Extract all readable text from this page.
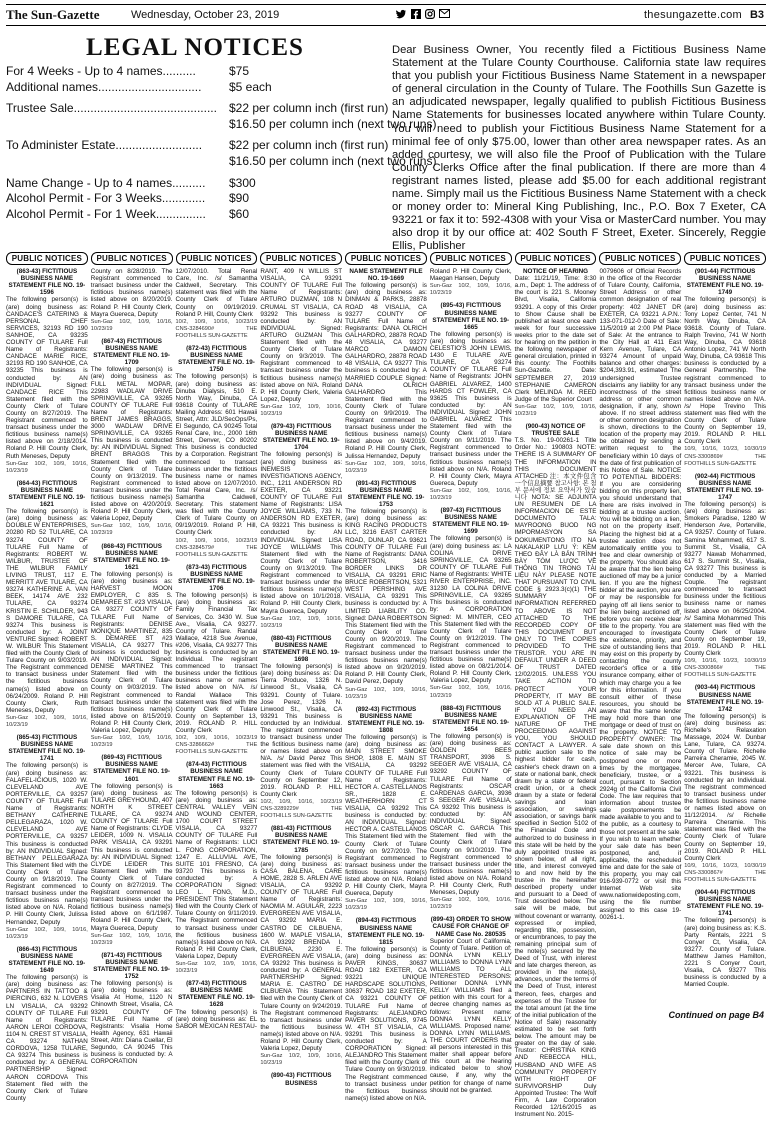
The Sun-Gazette	Wednesday, October 23, 2019	thesungazette.com B3
LEGAL NOTICES
For 4 Weeks - Up to 4 names..........	$75
Additional names...............................	$5 each
Trustee Sale...........................................	$22 per column inch (first run)
$16.50 per column inch (next two runs)
To Administer Estate..........................	$22 per column inch (first run)
$16.50 per column inch (next two runs)
Name Change - Up to 4 names..........	$300
Alcohol Permit - For 3 Weeks.............	$90
Alcohol Permit - For 1 Week...............	$60
Dear Business Owner, You recently filed a Fictitious Business Name Statement at the Tulare County Courthouse. California state law requires that you publish your Fictitious Business Name Statement in a newspaper of general circulation in the County of Tulare. The Foothills Sun Gazette is an adjudicated newspaper, legally qualified to publish Fictitious Business Name Statements for businesses located anywhere within Tulare County. You will need to publish your Fictitious Business Name Statement for a minimal fee of only $75.00, lower than other area newspaper rates. As an added courtesy, we will also file the Proof of Publication with the Tulare County Clerks Office after the final publication. If there are more than 4 registrant names listed, please add $5.00 for each additional registrant name. Simply mail us the Fictitious Business Name Statement with a check or money order to: Mineral King Publishing, Inc., P.O. Box 7 Exeter, CA 93221 or fax it to: 592-4308 with your Visa or MasterCard number. You may also drop it by our office at: 402 South F Street, Exeter. Sincerely, Reggie Ellis, Publisher
PUBLIC NOTICES
(863-43) FICTITIOUS BUSINESS NAME STATEMENT FILE NO. 19-1596
The following person(s) is (are) doing business as: CANDACE'S CATERING & PERSONAL CHEF SERVICES, 32193 RD 190 SANHOE, CA 93235 COUNTY OF TULARE Full Name of Registrants: CANDACE MARIE RICE, 32193 RD 190 SANHOE, CA 93235 This business is conducted by: AN INDIVIDUAL Signed: CANDACE RICE This Statement filed with the County Clerk of Tulare County on 8/27/2019. The Registrant commenced to transact business under the fictitious business name(s) listed above on 2/18/2014. Roland P. Hill County Clerk, Ruth Meneses, Deputy
Sun-Gaz 10/2, 10/9, 10/16, 10/23/19
(864-43) FICTITIOUS BUSINESS NAME STATEMENT FILE NO. 19-1621
The following person(s) is (are) doing business as: DOUBLE W ENTERPRISES, 20280 RD 52 TULARE, CA 93274 COUNTY OF TULARE Full Name of Registrants: ROBERT W. WILBUR, TRUSTEE OF THE WILBUR FAMILY LIVING TRUST, 117 E. MERRITT AVE TULARE, CA 93274 KATHERINE A. VAN BEEK, 14174 AVE 232 TULARE, CA 93274 KRISTIN E. SCHILDER, 943 S DAMORE TULARE, CA 93274 This business is conducted by: A JOINT VENTURE Signed: ROBERT W. WILBUR This Statement filed with the County Clerk of Tulare County on 9/03/2019. The Registrant commenced to transact business under the fictitious business name(s) listed above on 06/24/2009. Roland P. Hill County Clerk, Ruth Meneses, Deputy
Sun-Gaz 10/2, 10/9, 10/16, 10/23/19
(865-43) FICTITIOUS BUSINESS NAME STATEMENT FILE NO. 19-1741
The following person(s) is (are) doing business as: FALAFEL-ICIOUS, 1020 W. CLEVELAND AVE PORTERVILLE, CA 93257 COUNTY OF TULARE Full Name of Registrants: BETHANY CATHERINE PELLEGARAZA, 1020 W. CLEVELAND AVE PORTERVILLE, CA 93257 This business is conducted by: AN INDIVIDUAL Signed: BETHANY PELLEGARAZA This Statement filed with the County Clerk of Tulare County on 9/18/2019. The Registrant commenced to transact business under the fictitious business name(s) listed above on N/A. Roland P. Hill County Clerk, Julissa Hernandez, Deputy
Sun-Gaz 10/2, 10/9, 10/16, 10/23/19
(866-43) FICTITIOUS BUSINESS NAME STATEMENT FILE NO. 19-1649
The following person(s) is (are) doing business as: PARTNERS IN TATTOO & PIERCING, 632 N. LOVERS LN VISALIA, CA 93292 COUNTY OF TULARE Full Name of Registrants: AARON LEROI CORDOVA, 1104 N. CREST ST VISALIA, CA 93274 NATHAN CORDOVA, 1258 TULARE, CA 93274 This business is conducted by: A GENERAL PARTNERSHIP Signed: AARON CORDOVA This Statement filed with the County Clerk of Tulare County
PUBLIC NOTICES
County on 8/28/2019. The Registrant commenced to transact business under the fictitious business name(s) listed above on 8/20/2019. Roland P. Hill County Clerk, Mayra Guereca, Deputy
Sun-Gaz 10/2, 10/9, 10/16, 10/23/19
(867-43) FICTITIOUS BUSINESS NAME STATEMENT FILE NO. 19-1709
The following person(s) is (are) doing business as: FULL METAL MOPAR, 22983 WADLAW DRIVE SPRINGVILLE, CA 93265 COUNTY OF TULARE Full Name of Registrants: BRENT JAMES BRAGGS, 3000 WADLAW DRIVE SPRINGVILLE, CA 93265 This business is conducted by: AN INDIVIDUAL Signed: BRENT BRAGGS This Statement filed with the County Clerk of Tulare County on 9/13/2019. The Registrant commenced to transact business under the fictitious business name(s) listed above on 4/20/2019. Roland P. Hill County Clerk, Valeria Lopez, Deputy
Sun-Gaz 10/2, 10/9, 10/16, 10/23/19
(868-43) FICTITIOUS BUSINESS NAME STATEMENT FILE NO. 19-1621
The following person(s) is (are) doing business as: HARVEST MOON EMPLOYER, C 835 S. DEMAREE ST. #23 VISALIA, CA 93277 COUNTY OF TULARE Full Name of Registrants: DENISE MONIQUE MARTINEZ, 835 S. DEMAREE ST #23 VISALIA, CA 93277 This business is conducted by: AN INDIVIDUAL Signed: DENISE MARTINEZ This Statement filed with the County Clerk of Tulare County on 9/03/2019. The Registrant commenced to transact business under the fictitious business name(s) listed above on 8/15/2019. Roland P. Hill County Clerk, Valeria Lopez, Deputy
Sun-Gaz 10/2, 10/9, 10/16, 10/23/19
(869-43) FICTITIOUS BUSINESS NAME STATEMENT FILE NO. 19-1601
The following person(s) is (are) doing business as: TULARE GREYHOUND, 407 NORTH K STREET TULARE, CA 93274 COUNTY OF TULARE Full Name of Registrants: CLYDE LEIDER, 1009 N. VISALIA PARK VISALIA, CA 93291 This business is conducted by: AN INDIVIDUAL Signed: CLYDE LEIDER This Statement filed with the County Clerk of Tulare County on 8/27/2019. The Registrant commenced to transact business under the fictitious business name(s) listed above on 6/1/1987. Roland P. Hill County Clerk, Mayra Guereca, Deputy
Sun-Gaz 10/2, 10/9, 10/16, 10/23/19
(871-43) FICTITIOUS BUSINESS NAME STATEMENT FILE NO. 19-1752
The following person(s) is (are) doing business as: Visalia At Home, 1120 N Chinowth Street, Visalia, CA 93291 COUNTY OF TULARE Full Name of Registrants: Visalia Home Health Agency, 631 Hawaii Street, Attn: Diana Cuellar, El Segundo, CA 90245 This business is conducted by: A CORPORATION
PUBLIC NOTICES
12/07/2010. Total Renal Care, Inc. /s/ Samantha Caldwell, Secretary. This statement was filed with the County Clerk of Tulare County on 09/19/2019. Roland P. Hill, County Clerk
10/2, 10/9, 10/16, 10/23/19 CNS-3284690# THE FOOTHILLS SUN-GAZETTE
(872-43) FICTITIOUS BUSINESS NAME STATEMENT FILE NO. 19-1750
The following person(s) is (are) doing business as: Dinuba Dialysis, 510 E. North Way, Dinuba, CA 93618 County of TULARE Mailing Address: 601 Hawaii Street, Attn: JLD/SecOps/Ps, El Segundo, CA 90245 Total Renal Care, Inc., 2000 16th Street, Denver, CO 80202 This business is conducted by a Corporation. Registrant commenced to transact business under the fictitious business name or names listed above on 12/07/2010. Total Renal Care, Inc. /s/ Samantha Caldwell, Secretary. This statement was filed with the County Clerk of Tulare County on 09/19/2019. Roland P. Hill, County Clerk
10/2, 10/9, 10/16, 10/23/19 CNS-3284579# THE FOOTHILLS SUN-GAZETTE
(873-43) FICTITIOUS BUSINESS NAME STATEMENT FILE NO. 19-1706
The following person(s) is (are) doing business as: Family Financial Tax Services, Co. 3430 W. Sue Ave., Visalia, CA 93277. County of Tulare. Randal Wallace, 4218 Sue Avenue, #206, Visalia, CA 93277 This business is conducted by an Individual. The registrant commenced to transact business under the fictitious business name or names listed above on N/A. /s/ Randal Wallace This statement was filed with the County Clerk of Tulare County on September 13, 2019. ROLAND P. HILL County Clerk
10/2, 10/9, 10/16, 10/23/19 CNS-3286662# THE FOOTHILLS SUN-GAZETTE
(874-43) FICTITIOUS BUSINESS NAME STATEMENT FILE NO. 19-1663
The following person(s) is (are) doing business as: CENTRAL VALLEY VEIN AND WOUND CENTER, 1700 COURT STREET VISALIA, CA 93277 COUNTY OF TULARE Full Name of Registrants: LUCI L. FONG CORPORATION, 1247 E. ALLUVIAL AVE, SUITE 101 FRESNO, CA 93720 This business is conducted by: A CORPORATION Signed: LEO L. FONG, M.D., PRESIDENT This Statement filed with the County Clerk of Tulare County on 9/11/2019. The Registrant commenced to transact business under the fictitious business name(s) listed above on N/A. Roland P. Hill County Clerk, Valeria Lopez, Deputy
Sun-Gaz 10/2, 10/9, 10/16, 10/23/19
(877-43) FICTITIOUS BUSINESS NAME STATEMENT FILE NO. 19-1628
The following person(s) is (are) doing business as: EL SABOR MEXICAN RESTAU-
PUBLIC NOTICES
RANT, 409 N WILLIS ST VISALIA, CA 93291 COUNTY OF TULARE Full Name of Registrants: ARTURO DUZMAN, 108 N CRUMAL ST VISALIA, CA 93292 This business is conducted by: AN INDIVIDUAL Signed: ARTURO GUZMAN This Statement filed with the County Clerk of Tulare County on 9/3/2019. The Registrant commenced to transact business under the fictitious business name(s) listed above on N/A. Roland P. Hill County Clerk, Valeria Lopez, Deputy
Sun-Gaz 10/2, 10/9, 10/16, 10/23/19
(879-43) FICTITIOUS BUSINESS NAME STATEMENT FILE NO. 19-1704
The following person(s) is (are) doing business as: INEMESIS INVESTIGATIONS AGENCY, INC., 1211 ANDERSON RD EXETER, CA 93221 COUNTY OF TULARE Full Name of Registrants: LISA JOYCE WILLIAMS, 733 N. ANDERSON RD EXETER, CA 93221 This business is conducted by: AN INDIVIDUAL Signed: LISA JOYCE WILLIAMS This Statement filed with the County Clerk of Tulare County on 9/13/2019. The Registrant commenced to transact business under the fictitious business name(s) listed above on 10/1/2018. Roland P. Hill County Clerk, Mayra Guereca, Deputy
Sun-Gaz 10/2, 10/9, 10/16, 10/23/19
(880-43) FICTITIOUS BUSINESS NAME STATEMENT FILE NO. 19-1698
The following person(s) is (are) doing business as: Da Tierra Produce, 1326 N. Linwood St., Visalia, CA 93291. County of Tulare. Jose Perez, 1326 N. Linwood St., Visalia, CA 93291 This business is conducted by an Individual. The registrant commenced to transact business under the fictitious business name or names listed above on N/A. /s/ David Perez This statement was filed with the County Clerk of Tulare County on September 12, 2019. ROLAND P. HILL County Clerk
10/2, 10/9, 10/16, 10/23/19 CNS-3289229# THE FOOTHILLS SUN-GAZETTE
(881-43) FICTITIOUS BUSINESS NAME STATEMENT FILE NO. 19-1785
The following person(s) is (are) doing business as: CASA BALENA, CARE HOME, 2828 S. ARLEN AVE VISALIA, CA 93292 COUNTY OF TULARE Full Name of Registrants: NAOMIA M. AGUILAR, 2223 EVERGREEN AVE VISALIA, CA 93292 MARIA E. CASTRO DE CILBUENA, 1600 W. MAPLE VISALIA, CA 93292 BRENDA I. CILBUENA, 2230 E. EVERGREEN AVE VISALIA, CA 93292 This business is conducted by: A GENERAL PARTNERSHIP Signed: MARIA E. CASTRO DE CILBUENA This Statement filed with the County Clerk of Tulare County on 9/24/2019. The Registrant commenced to transact business under the fictitious business name(s) listed above on N/A. Roland P. Hill County Clerk, Valeria Lopez, Deputy
Sun-Gaz 10/2, 10/9, 10/16, 10/23/19
(890-43) FICTITIOUS BUSINESS
PUBLIC NOTICES
NAME STATEMENT FILE NO. 19-1669
The following person(s) is (are) doing business as: DINMAN & PARKS, 28878 ROAD 48 VISALIA, CA 93277 COUNTY OF TULARE Full Name of Registrants: DANA OLRICH GALHARDRO, 28878 ROAD 48 VISALIA, CA 93277 MARCO DAMON GALHARDRO, 28878 ROAD 48 VISALIA, CA 93277 This business is conducted by: A MARRIED COUPLE Signed: DANA OLRICH GALHARDRO This Statement filed with the County Clerk of Tulare County on 9/9/2019. The Registrant commenced to transact business under the fictitious business name(s) listed above on 9/4/2019. Roland P. Hill County Clerk, Julissa Hernandez, Deputy
Sun-Gaz 10/2, 10/9, 10/16, 10/23/19
(891-43) FICTITIOUS BUSINESS NAME STATEMENT FILE NO. 19-1753
The following person(s) is (are) doing business as: KING RACING PRODUCTS LLC, 3216 EAST CARTER ROAD, DUNLAP, CA 93621 COUNTY OF TULARE Full Name of Registrants: DANA ROBERTSON, 3416 BORDER LINKS DR VISALIA, CA 93291 ERIC BRUCE ROBERTSON, 5321 WEST PERSHING AVE VISALIA, CA 93291 This business is conducted by: A LIMITED LIABILITY CO. Signed: DANA ROBERTSON This Statement filed with the County Clerk of Tulare County on 9/20/2019. The Registrant commenced to transact business under the fictitious business name(s) listed above on 9/20/2019. Roland P. Hill County Clerk, David Perez, Deputy
Sun-Gaz 10/2, 10/9, 10/16, 10/23/19
(892-43) FICTITIOUS BUSINESS NAME STATEMENT FILE NO. 19-1808
The following person(s) is (are) doing business as: MAIN STREET SMOKE SHOP, 1808 E. MAIN ST VISALIA, CA 93292 COUNTY OF TULARE Full Name of Registrants: HECTOR A. CASTELLANOS SR., 1828 E. WEATHERHORN CT VISALIA, CA 93292 This business is conducted by: AN INDIVIDUAL Signed: HECTOR A. CASTELLANOS This Statement filed with the County Clerk of Tulare County on 9/27/2019. The Registrant commenced to transact business under the fictitious business name(s) listed above on N/A. Roland P. Hill County Clerk, Mayra Guereca, Deputy
Sun-Gaz 10/2, 10/9, 10/16, 10/23/19
(894-43) FICTITIOUS BUSINESS NAME STATEMENT FILE NO. 19-1815
The following person(s) is (are) doing business as: PAVER KINGS, 30637 ROAD 182 EXETER, CA 93221 UNIQUE HARDSCAPE SOLUTIONS, 30637 ROAD 182 EXETER, CA 93221 COUNTY OF TULARE Full Name of Registrants: ALEJANDRO PAVER SOLUTIONS, 9745 W. 4TH ST VISALIA, CA 93291 This business is conducted by: A CORPORATION Signed: ALEJANDRO This Statement filed with the County Clerk of Tulare County on 9/30/2019. The Registrant commenced to transact business under the fictitious business name(s) listed above on N/A.
PUBLIC NOTICES
Roland P. Hill County Clerk, Maegan Hansen, Deputy
Sun-Gaz 10/2, 10/9, 10/16, 10/23/19
(895-43) FICTITIOUS BUSINESS NAME STATEMENT FILE NO. 19-1665
The following person(s) is (are) doing business as: CELESTIO'S JOHN LEWIS, 1430 E TULARE AVE TULARE, CA 93274 COUNTY OF TULARE Full Name of Registrants: JOHN GABRIEL ALVAREZ, 1400 HARDS CT FOWLER, CA 93625 This business is conducted by: AN INDIVIDUAL Signed: JOHN GABRIEL ALVAREZ This Statement filed with the County Clerk of Tulare County on 9/11/2019. The Registrant commenced to transact business under the fictitious business name(s) listed above on N/A. Roland P. Hill County Clerk, Mayra Guereca, Deputy
Sun-Gaz 10/2, 10/9, 10/16, 10/23/19
(897-43) FICTITIOUS BUSINESS NAME STATEMENT FILE NO. 19-1699
The following person(s) is (are) doing business as: LA COLINA DRIVE SPRINGVILLE, CA 93265 COUNTY OF TULARE Full Name of Registrants: WHITE RIVER ENTERPRISE, INC. 31230 LA COLINA DRIVE SPRINGVILLE, CA 93265 This business is conducted by: A CORPORATION Signed: M. MINTER, CEO This Statement filed with the County Clerk of Tulare County on 9/12/2019. The Registrant commenced to transact business under the fictitious business name(s) listed above on 08/21/2014. Roland P. Hill County Clerk, Valeria Lopez, Deputy
Sun-Gaz 10/2, 10/9, 10/16, 10/23/19
(888-43) FICTITIOUS BUSINESS NAME STATEMENT FILE NO. 19-1654
The following person(s) is (are) doing business as: GOLDEN BEES TRANSPORT, 3936 S. SEEGER AVE VISALIA, CA 93292 COUNTY OF TULARE Full Name of Registrants: OSCAR CARDENAS GARCIA, 3936 S SEEGER AVE VISALIA, CA 93292 This business is conducted by: AN INDIVIDUAL Signed: OSCAR C. GARCIA This Statement filed with the County Clerk of Tulare County on 9/10/2019. The Registrant commenced to transact business under the fictitious business name(s) listed above on N/A. Roland P. Hill County Clerk, Ruth Meneses, Deputy
Sun-Gaz 10/2, 10/9, 10/16, 10/23/19
(899-43) ORDER TO SHOW CAUSE FOR CHANGE OF NAME Case No. 280535
Superior Court of California, County of Tulare. Petition of: DONNA LYNN KELLY WILLIAMS to DONNA LYNN WILLIAMS TO ALL INTERESTED PERSONS: Petitioner DONNA LYNN KELLY WILLIAMS filed a petition with this court for a decree changing names as follows: Present name: DONNA LYNN KELLY WILLIAMS. Proposed name: DONNA LYNN WILLIAMS. THE COURT ORDERS that all persons interested in this matter shall appear before this court at the hearing indicated below to show cause, if any, why the petition for change of name should not be granted.
PUBLIC NOTICES
NOTICE OF HEARING
Date: 11/21/19, Time: 8:30 a.m., Dept: 1. The address of the court is 221 S. Mooney Blvd, Visalia, California 93291. A copy of this Order to Show Cause shall be published at least once each week for four successive weeks prior to the date set for hearing on the petition in the following newspaper of general circulation, printed in this county: The Foothills Sun-Gazette. Date: SEPTEMBER 27, 2019 STEPHANIE CAMERON Clerk MELINDA M. REED Judge of the Superior Court
Sun-Gaz 10/2, 10/9, 10/16, 10/23/19
(900-43) NOTICE OF TRUSTEE SALE
T.S. No. 19-00261-1 Title Order No.: 190803 NOTE: THERE IS A SUMMARY OF THE INFORMATION IN THIS DOCUMENT ATTACHED 注：本文件包含一个信息摘要 참고사항: 본 첨부 문서에 정보 요약서가 있습니다 NOTA: SE ADJUNTA UN RESUMEN DE LA INFORMACION DE ESTE DOCUMENTO TALA: MAYROONG BUOD NG IMPORMASYON SA DOKUMENTONG ITO NA NAKALAKIP LƯU Ý: KÈM THEO ĐÂY LÀ BẢN TRÌNH BÀY TÓM LƯỢC VỀ THÔNG TIN TRONG TÀI LIỆU NÀY PLEASE NOTE THAT PURSUANT TO CIVIL CODE § 2923.3(c)(1) THE SUMMARY OF INFORMATION REFERRED TO ABOVE IS NOT ATTACHED TO THE RECORDED COPY OF THIS DOCUMENT BUT ONLY TO THE COPIES PROVIDED TO THE TRUSTOR. YOU ARE IN DEFAULT UNDER A DEED OF TRUST DATED 12/02/2015. UNLESS YOU TAKE ACTION TO PROTECT YOUR PROPERTY, IT MAY BE SOLD AT A PUBLIC SALE. IF YOU NEED AN EXPLANATION OF THE NATURE OF THE PROCEEDING AGAINST YOU, YOU SHOULD CONTACT A LAWYER. A public auction sale to the highest bidder for cash, cashier's check drawn on a state or national bank, check drawn by a state or federal credit union, or a check drawn by a state or federal savings and loan association, or savings association, or savings bank specified in Section 5102 of the Financial Code and authorized to do business in this state will be held by the duly appointed trustee as shown below, of all right, title, and interest conveyed to and now held by the trustee in the hereinafter described property under and pursuant to a Deed of Trust described below. The sale will be made, but without covenant or warranty, expressed or implied, regarding title, possession, or encumbrances, to pay the remaining principal sum of the note(s) secured by the Deed of Trust, with interest and late charges thereon, as provided in the note(s), advances, under the terms of the Deed of Trust, interest thereon, fees, charges and expenses of the Trustee for the total amount (at the time of the initial publication of the Notice of Sale) reasonably estimated to be set forth below. The amount may be greater on the day of sale. Trustor: CHRISTINA KING AND REBECCA HILL, HUSBAND AND WIFE AS COMMUNITY PROPERTY WITH RIGHT OF SURVIVORSHIP Duly Appointed Trustee: The Wolf Firm, A Law Corporation Recorded 12/16/2015 as Instrument No. 2015-
PUBLIC NOTICES
0079606 of Official Records in the office of the Recorder of Tulare County, California, Street Address or other common designation of real property: 402 JANET DR EXETER, CA 93221 A.P.N.: 133-071-012-0 Date of Sale: 11/5/2019 at 2:00 PM Place of Sale: At the entrance to the City Hall at 411 East Kern Avenue, Tulare, CA 93274 Amount of unpaid balance and other charges: $204,393.91, estimated The undersigned Trustee disclaims any liability for any incorrectness of the street address or other common designation, if any, shown above. If no street address or other common designation is shown, directions to the location of the property may be obtained by sending a written request to the beneficiary within 10 days of the date of first publication of this Notice of Sale. NOTICE TO POTENTIAL BIDDERS: If you are considering bidding on this property lien, you should understand that there are risks involved in bidding at a trustee auction. You will be bidding on a lien, not on the property itself. Placing the highest bid at a trustee auction does not automatically entitle you to free and clear ownership of the property. You should also be aware that the lien being auctioned off may be a junior lien. If you are the highest bidder at the auction, you are or may be responsible for paying off all liens senior to the lien being auctioned off, before you can receive clear title to the property. You are encouraged to investigate the existence, priority, and size of outstanding liens that may exist on this property by contacting the county recorder's office or a title insurance company, either of which may charge you a fee for this information. If you consult either of these resources, you should be aware that the same lender may hold more than one mortgage or deed of trust on the property. NOTICE TO PROPERTY OWNER: The sale date shown on this notice of sale may be postponed one or more times by the mortgagee, beneficiary, trustee, or a court, pursuant to Section 2924g of the California Civil Code. The law requires that information about trustee sale postponements be made available to you and to the public, as a courtesy to those not present at the sale. If you wish to learn whether your sale date has been postponed, and, if applicable, the rescheduled time and date for the sale of this property, you may call 916-939-0772 or visit this Internet Web site www.nationwideposting.com, using the file number assigned to this case 19-00261-1.
PUBLIC NOTICES
(901-44) FICTITIOUS BUSINESS NAME STATEMENT FILE NO. 19-1749
The following person(s) is (are) doing business as: Tony Lopez Center, 741 N North Way, Dinuba, CA 93618. County of Tulare. Ralph Trevino, 741 W North Way, Dinuba, CA 93618 Antonio Lopez, 741 W North Way, Dinuba, CA 93618 This business is conducted by a General Partnership. The registrant commenced to transact business under the fictitious business name or names listed above on N/A. /s/ Hope Trevino This statement was filed with the County Clerk of Tulare County on September 19, 2019. ROLAND P. HILL County Clerk
10/9, 10/16, 10/23, 10/30/19 CNS-3300869# THE FOOTHILLS SUN-GAZETTE
(902-44) FICTITIOUS BUSINESS NAME STATEMENT FILE NO. 19-1747
The following person(s) is (are) doing business as: Smokers Paradise, 1280 W Henderson Ave, Porterville, CA 93257. County of Tulare. Samina Mohammed, 617 S. Summit St., Visalia, CA 93277 Nawab Mohammed, 617 S. Summit St., Visalia, CA 93277 This business is conducted by a Married Couple. The registrant commenced to transact business under the fictitious business name or names listed above on 06/25/2004. /s/ Samina Mohammed This statement was filed with the County Clerk of Tulare County on September 19, 2019. ROLAND P. HILL County Clerk
10/9, 10/16, 10/23, 10/30/19 CNS-3300866# THE FOOTHILLS SUN-GAZETTE
(903-44) FICTITIOUS BUSINESS NAME STATEMENT FILE NO. 19-1742
The following person(s) is (are) doing business as: Richelle's Relaxation Massage, 2024 W. Dunbar Lane, Tulare, CA 93274. County of Tulare. Richelle Parreira Cheramie, 2045 W. Mercer Ave, Tulare, CA 93221. This business is conducted by an Individual. The registrant commenced to transact business under the fictitious business name or names listed above on 11/12/2014. /s/ Richelle Parreira Cheramie. This statement was filed with the County Clerk of Tulare County on September 19, 2019. ROLAND P. HILL County Clerk
10/9, 10/16, 10/23, 10/30/19 CNS-3300867# THE FOOTHILLS SUN-GAZETTE
(904-44) FICTITIOUS BUSINESS NAME STATEMENT FILE NO. 19-1741
The following person(s) is (are) doing business as: K.S. Party Rentals, 2221 S Conyer Ct, Visalia, CA 93277. County of Tulare. Matthew James Hamilton, 2221 S Conyer Court, Visalia, CA 93277 This business is conducted by a Married Couple.
Continued on page B4
